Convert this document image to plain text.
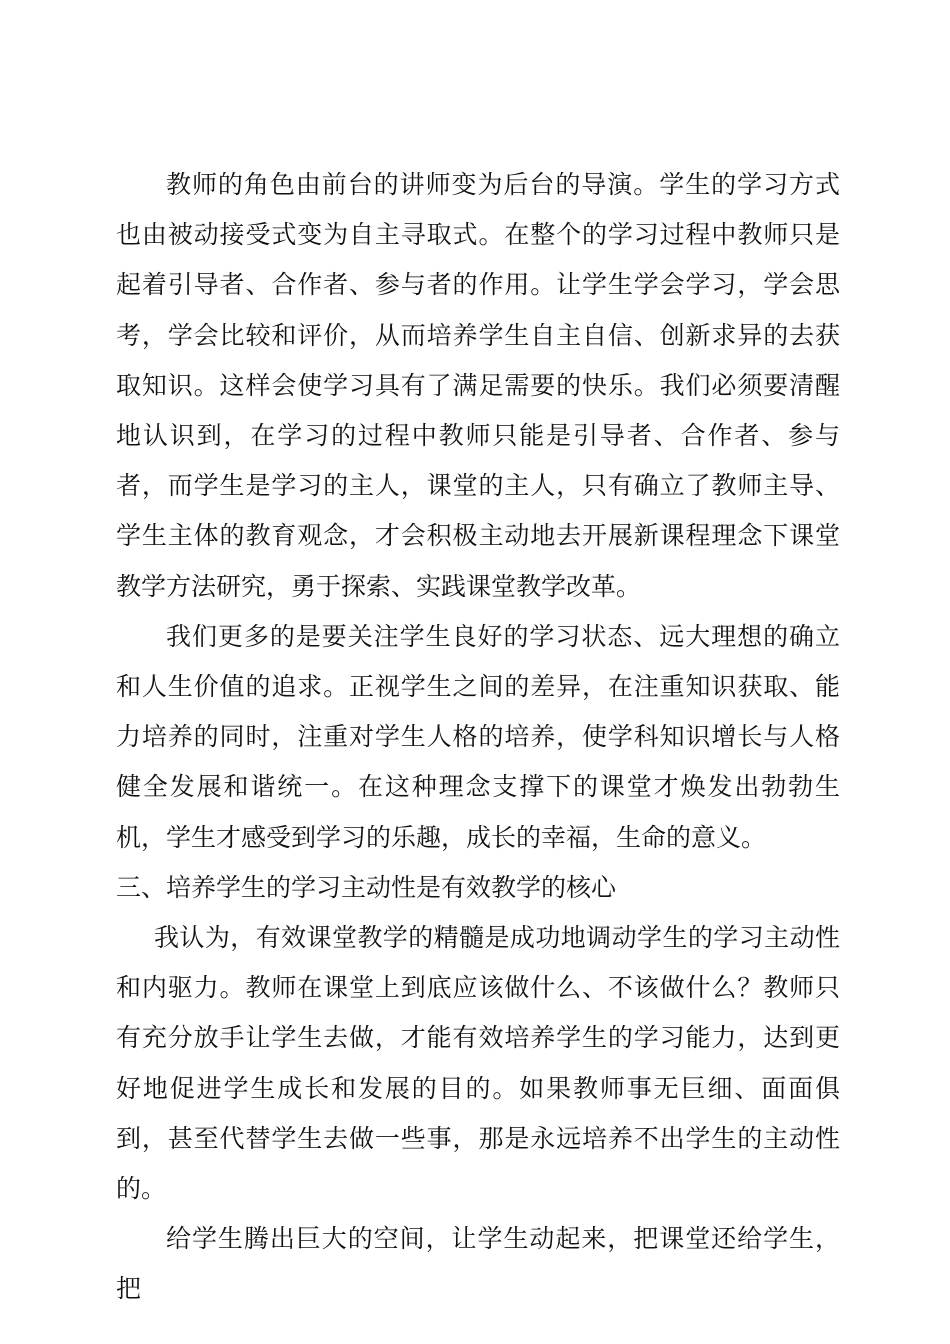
教师的角色由前台的讲师变为后台的导演。学生的学习方式也由被动接受式变为自主寻取式。在整个的学习过程中教师只是起着引导者、合作者、参与者的作用。让学生学会学习，学会思考，学会比较和评价，从而培养学生自主自信、创新求异的去获取知识。这样会使学习具有了满足需要的快乐。我们必须要清醒地认识到，在学习的过程中教师只能是引导者、合作者、参与者，而学生是学习的主人，课堂的主人，只有确立了教师主导、学生主体的教育观念，才会积极主动地去开展新课程理念下课堂教学方法研究，勇于探索、实践课堂教学改革。

我们更多的是要关注学生良好的学习状态、远大理想的确立和人生价值的追求。正视学生之间的差异，在注重知识获取、能力培养的同时，注重对学生人格的培养，使学科知识增长与人格健全发展和谐统一。在这种理念支撑下的课堂才焕发出勃勃生机，学生才感受到学习的乐趣，成长的幸福，生命的意义。

三、培养学生的学习主动性是有效教学的核心

我认为，有效课堂教学的精髓是成功地调动学生的学习主动性和内驱力。教师在课堂上到底应该做什么、不该做什么？教师只有充分放手让学生去做，才能有效培养学生的学习能力，达到更好地促进学生成长和发展的目的。如果教师事无巨细、面面俱到，甚至代替学生去做一些事，那是永远培养不出学生的主动性的。

给学生腾出巨大的空间，让学生动起来，把课堂还给学生，把
